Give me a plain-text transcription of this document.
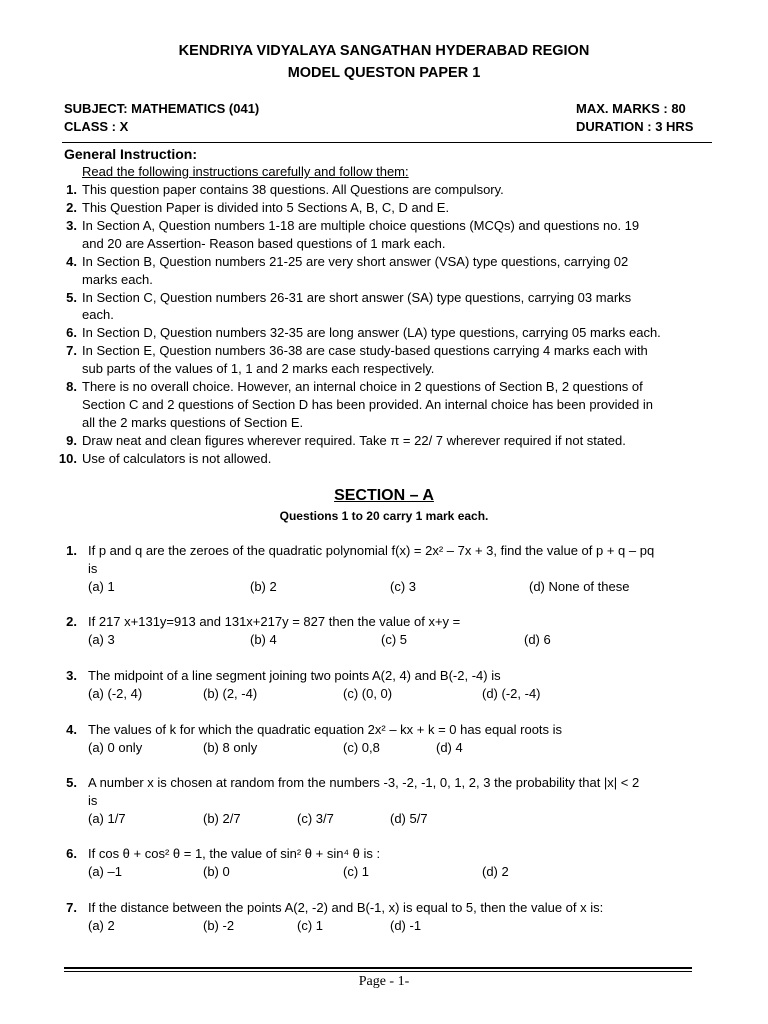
KENDRIYA VIDYALAYA SANGATHAN HYDERABAD REGION
MODEL QUESTON PAPER 1
SUBJECT: MATHEMATICS (041)
CLASS : X
MAX. MARKS : 80
DURATION : 3 HRS
General Instruction:
Read the following instructions carefully and follow them:
1. This question paper contains 38 questions. All Questions are compulsory.
2. This Question Paper is divided into 5 Sections A, B, C, D and E.
3. In Section A, Question numbers 1-18 are multiple choice questions (MCQs) and questions no. 19
and 20 are Assertion- Reason based questions of 1 mark each.
4. In Section B, Question numbers 21-25 are very short answer (VSA) type questions, carrying 02
marks each.
5. In Section C, Question numbers 26-31 are short answer (SA) type questions, carrying 03 marks
each.
6. In Section D, Question numbers 32-35 are long answer (LA) type questions, carrying 05 marks each.
7. In Section E, Question numbers 36-38 are case study-based questions carrying 4 marks each with
sub parts of the values of 1, 1 and 2 marks each respectively.
8. There is no overall choice. However, an internal choice in 2 questions of Section B, 2 questions of
Section C and 2 questions of Section D has been provided. An internal choice has been provided in
all the 2 marks questions of Section E.
9. Draw neat and clean figures wherever required. Take π = 22/ 7 wherever required if not stated.
10. Use of calculators is not allowed.
SECTION – A
Questions 1 to 20 carry 1 mark each.
1. If p and q are the zeroes of the quadratic polynomial f(x) = 2x² – 7x + 3, find the value of p + q – pq
is
(a) 1	(b) 2	(c) 3	(d) None of these
2. If 217 x+131y=913 and 131x+217y = 827 then the value of x+y =
(a) 3	(b) 4	(c) 5	(d) 6
3. The midpoint of a line segment joining two points A(2, 4) and B(-2, -4) is
(a) (-2, 4)	(b) (2, -4)	(c) (0, 0)	(d) (-2, -4)
4. The values of k for which the quadratic equation 2x² – kx + k = 0 has equal roots is
(a) 0 only	(b) 8 only	(c) 0,8	(d) 4
5. A number x is chosen at random from the numbers -3, -2, -1, 0, 1, 2, 3 the probability that |x| < 2
is
(a) 1/7	(b) 2/7	(c) 3/7	(d) 5/7
6. If cos θ + cos² θ = 1, the value of sin² θ + sin⁴ θ is :
(a) –1	(b) 0	(c) 1	(d) 2
7. If the distance between the points A(2, -2) and B(-1, x) is equal to 5, then the value of x is:
(a) 2	(b) -2	(c) 1	(d) -1
Page - 1-
